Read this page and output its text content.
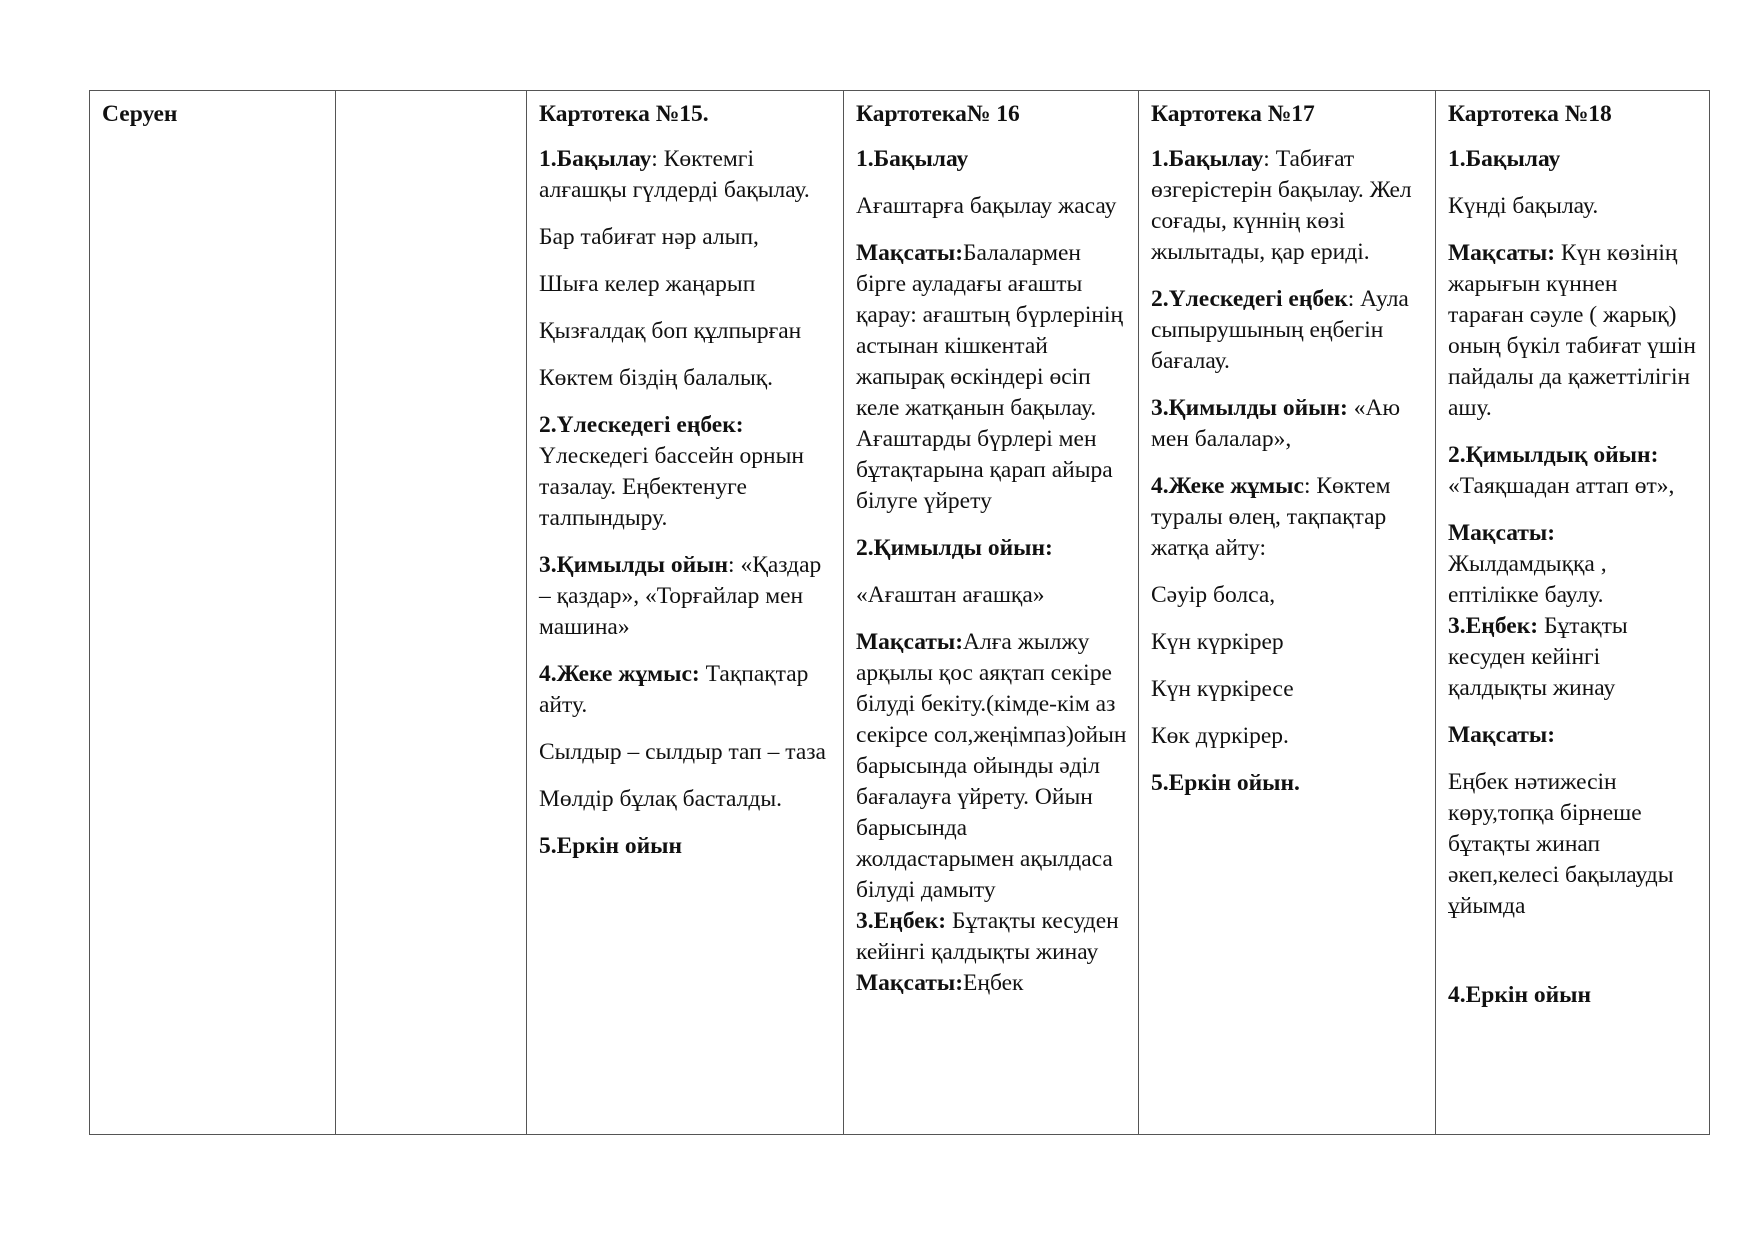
Серуен		Картотека №15.
1.Бақылау: Көктемгі алғашқы гүлдерді бақылау.
Бар табиғат нәр алып,
Шыға келер жаңарып
Қызғалдақ боп құлпырған
Көктем біздің балалық.
2.Үлескедегі еңбек: Үлескедегі бассейн орнын тазалау. Еңбектенуге талпындыру.
3.Қимылды ойын: «Қаздар – қаздар», «Торғайлар мен машина»
4.Жеке жұмыс: Тақпақтар айту.
Сылдыр – сылдыр тап – таза
Мөлдір бұлақ басталды.
5.Еркін ойын

Картотека№ 16
1.Бақылау
Ағаштарға бақылау жасау
Мақсаты:Балалармен бірге ауладағы ағашты қарау: ағаштың бүрлерінің астынан кішкентай жапырақ өскіндері өсіп келе жатқанын бақылау. Ағаштарды бүрлері мен бұтақтарына қарап айыра білуге үйрету
2.Қимылды ойын:
«Ағаштан ағашқа»
Мақсаты:Алға жылжу арқылы қос аяқтап секіре білуді бекіту.(кімде-кім аз секірсе сол,жеңімпаз)ойын барысында ойынды әділ бағалауға үйрету. Ойын барысында жолдастарымен ақылдаса білуді дамыту
3.Еңбек: Бұтақты кесуден кейінгі қалдықты жинау
Мақсаты:Еңбек

Картотека №17
1.Бақылау: Табиғат өзгерістерін бақылау. Жел соғады, күннің көзі жылытады, қар ериді.
2.Үлескедегі еңбек: Аула сыпырушының еңбегін бағалау.
3.Қимылды ойын: «Аю мен балалар»,
4.Жеке жұмыс: Көктем туралы өлең, тақпақтар жатқа айту:
Сәуір болса,
Күн күркірер
Күн күркіресе
Көк дүркірер.
5.Еркін ойын.

Картотека №18
1.Бақылау
Күнді бақылау.
Мақсаты: Күн көзінің жарығын күннен тараған сәуле ( жарық) оның бүкіл табиғат үшін пайдалы да қажеттілігін ашу.
2.Қимылдық ойын: «Таяқшадан аттап өт»,
Мақсаты: Жылдамдыққа , ептілікке баулу.
3.Еңбек: Бұтақты кесуден кейінгі қалдықты жинау
Мақсаты:
Еңбек нәтижесін көру,топқа бірнеше бұтақты жинап әкеп,келесі бақылауды ұйымда
4.Еркін ойын
